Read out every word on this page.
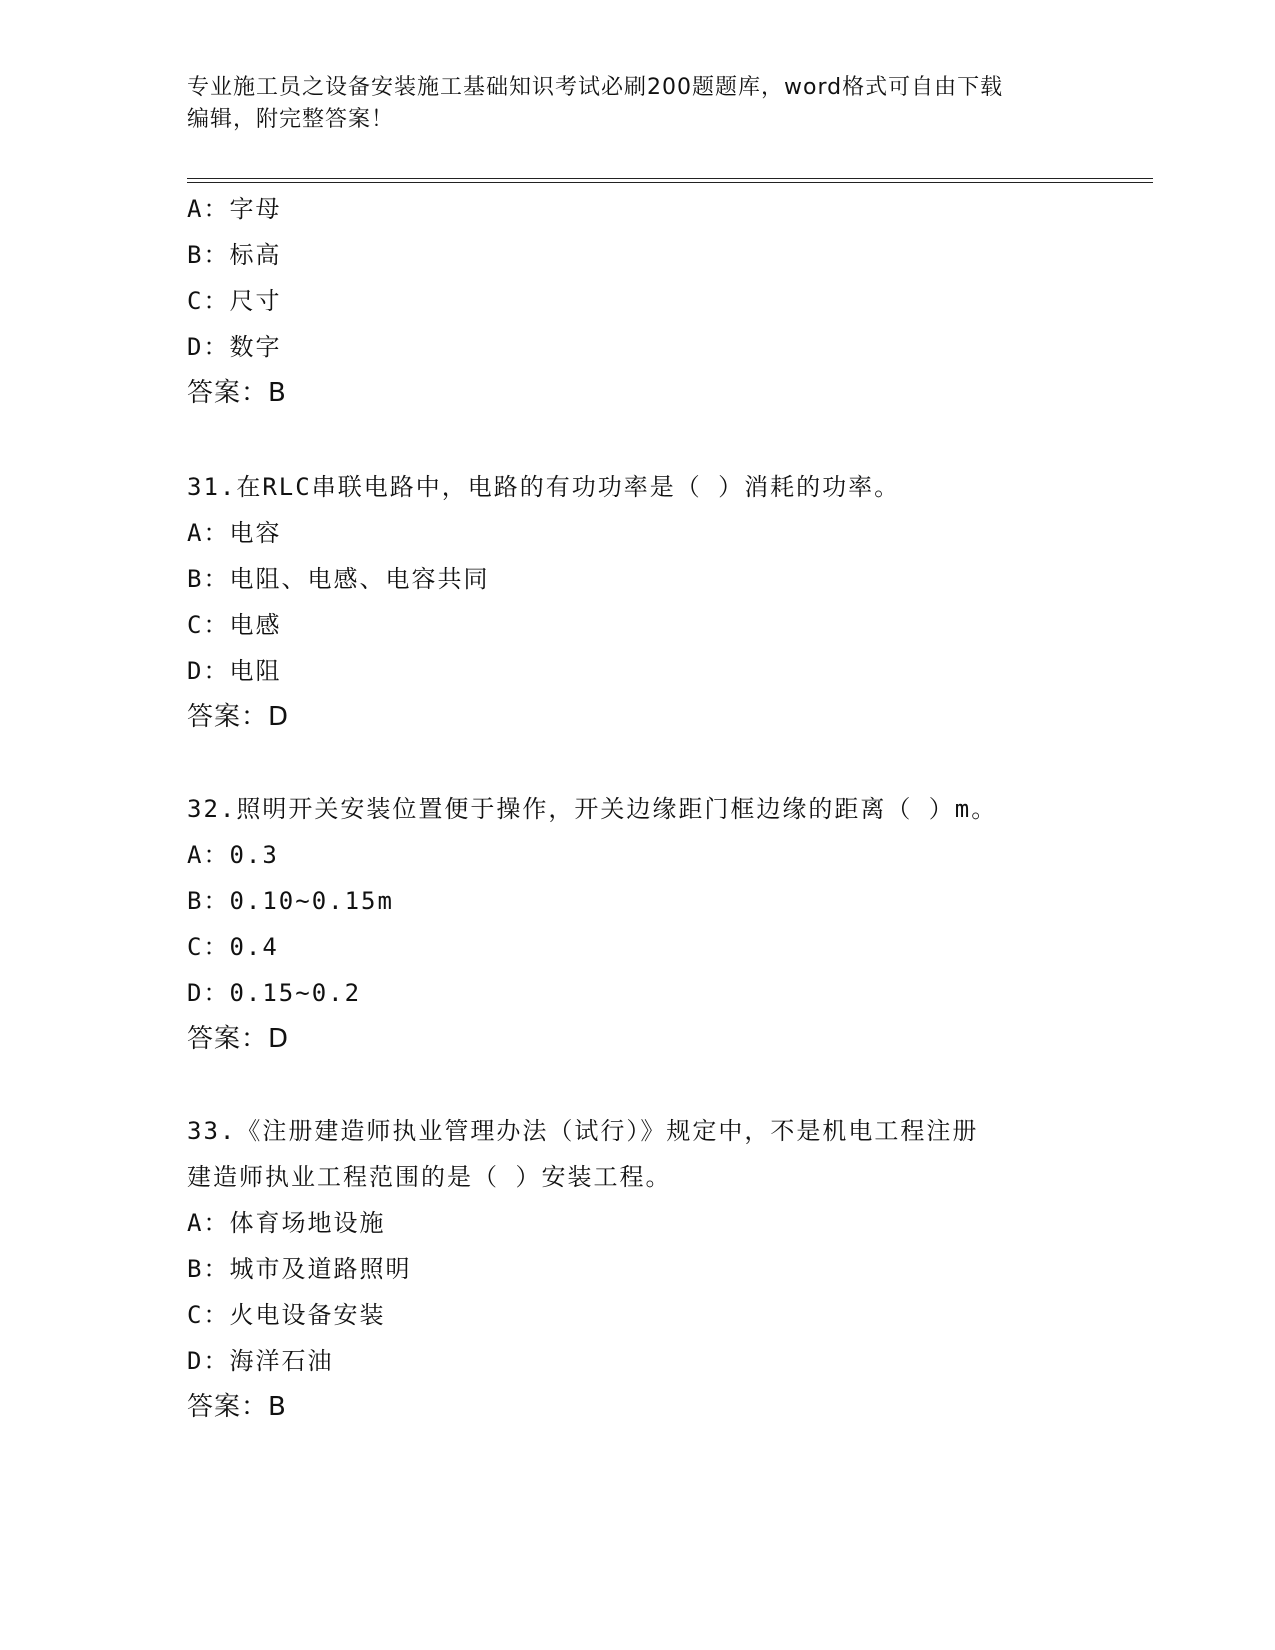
专业施工员之设备安装施工基础知识考试必刷200题题库，word格式可自由下载
编辑，附完整答案！
A：字母
B：标高
C：尺寸
D：数字
答案：B
31.在RLC串联电路中，电路的有功功率是（ ）消耗的功率。
A：电容
B：电阻、电感、电容共同
C：电感
D：电阻
答案：D
32.照明开关安装位置便于操作，开关边缘距门框边缘的距离（ ）m。
A：0.3
B：0.10~0.15m
C：0.4
D：0.15~0.2
答案：D
33.《注册建造师执业管理办法（试行）》规定中，不是机电工程注册
建造师执业工程范围的是（ ）安装工程。
A：体育场地设施
B：城市及道路照明
C：火电设备安装
D：海洋石油
答案：B
